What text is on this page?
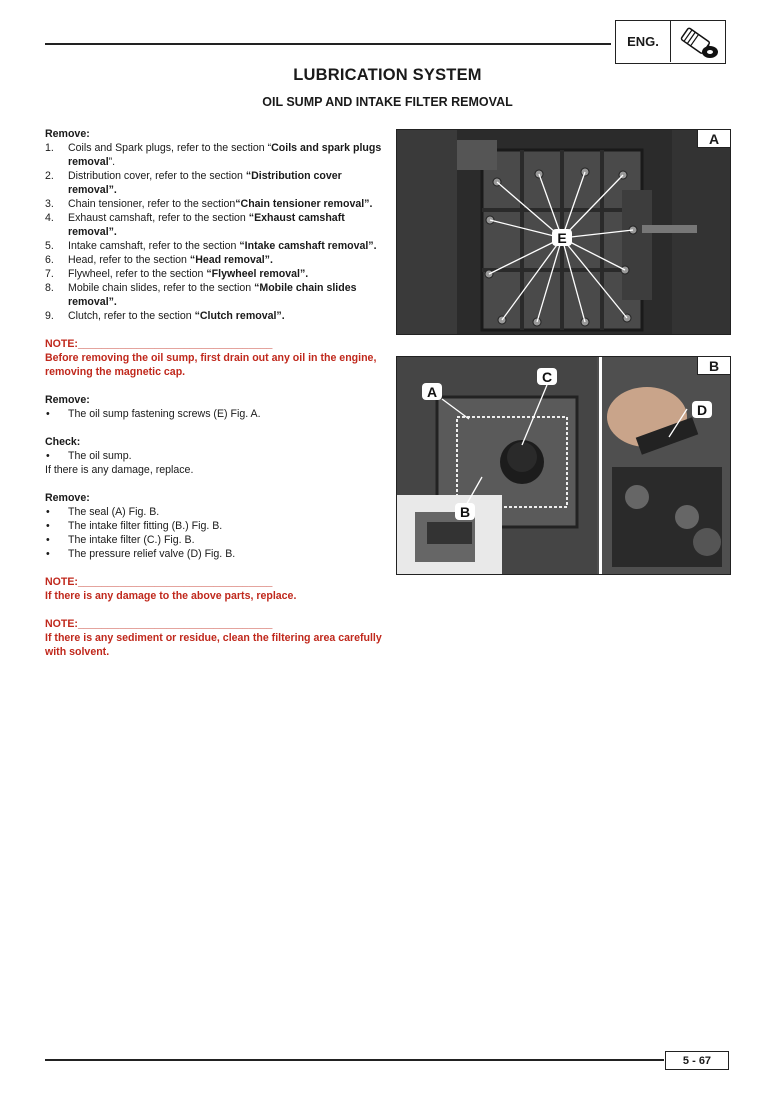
ENG.
LUBRICATION SYSTEM
OIL SUMP AND INTAKE FILTER REMOVAL

Remove:

1. Coils and Spark plugs, refer to the section “Coils and spark plugs removal”.
2. Distribution cover, refer to the section “Distribution cover removal”.
3. Chain tensioner, refer to the section“Chain tensioner removal”.
4. Exhaust camshaft, refer to the section “Exhaust camshaft removal”.
5. Intake camshaft, refer to the section “Intake camshaft removal”.
6. Head, refer to the section “Head removal”.
7. Flywheel, refer to the section “Flywheel removal”.
8. Mobile chain slides, refer to the section “Mobile chain slides removal”.
9. Clutch, refer to the section “Clutch removal”.

NOTE:_________________________________

Before removing the oil sump, first drain out any oil in the engine, removing the magnetic cap.

Remove:

• The oil sump fastening screws (E) Fig. A.

Check:

• The oil sump.

If there is any damage, replace.

Remove:

• The seal (A) Fig. B.
• The intake filter fitting (B.) Fig. B.
• The intake filter (C.) Fig. B.
• The pressure relief valve (D) Fig. B.

NOTE:_________________________________

If there is any damage to the above parts, replace.

NOTE:_________________________________

If there is any sediment or residue, clean the filtering area carefully with solvent.

A
E
B
A
C
D
B
5 - 67
